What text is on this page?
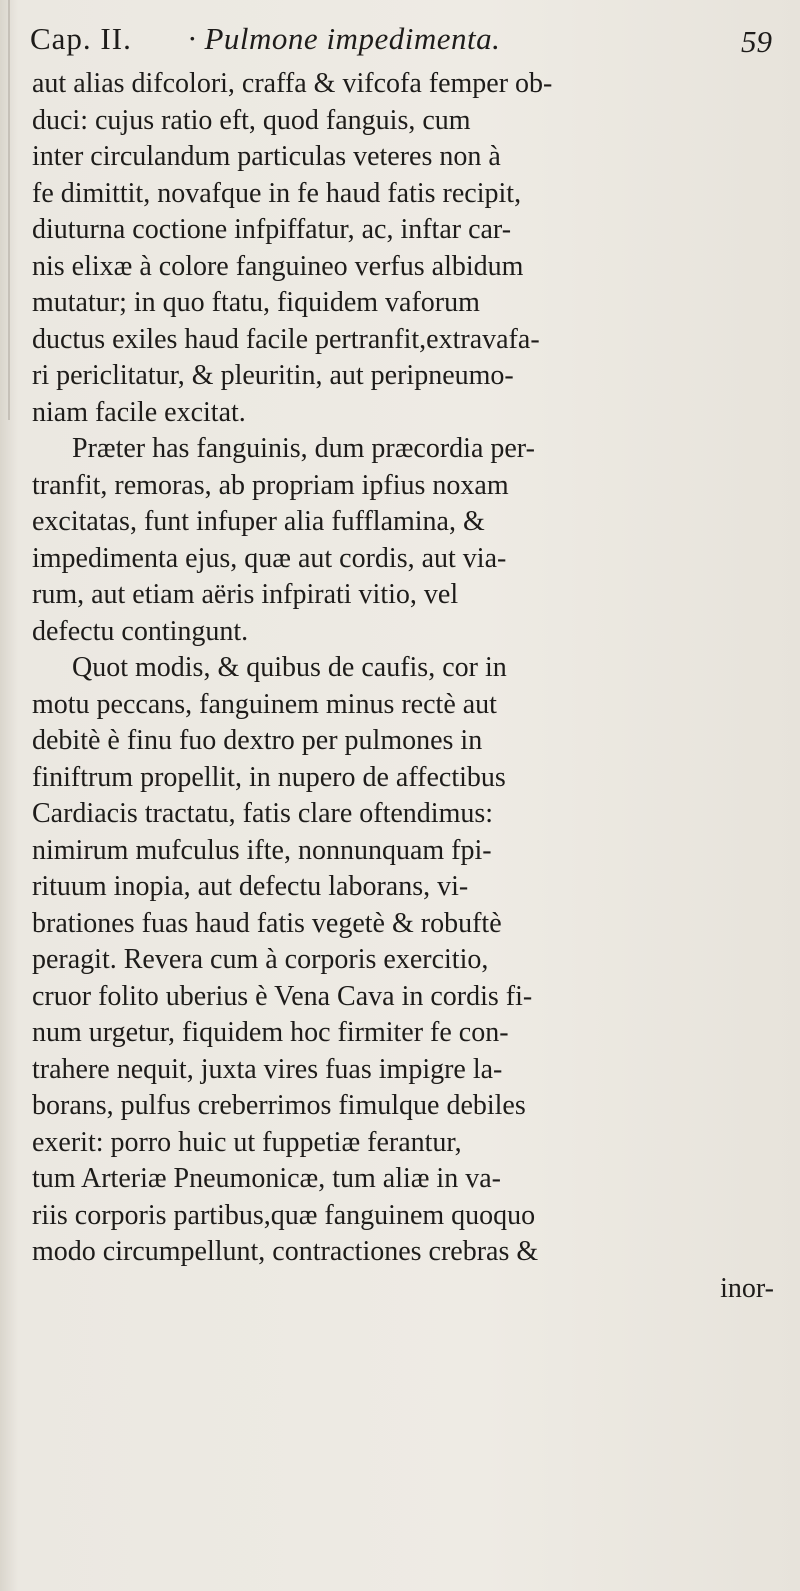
Cap. II. · Pulmone impedimenta.	59
aut alias difcolori, craffa & vifcofa femper ob-
duci: cujus ratio eft, quod fanguis, cum
inter circulandum particulas veteres non à
fe dimittit, novafque in fe haud fatis recipit,
diuturna coctione infpiffatur, ac, inftar car-
nis elixæ à colore fanguineo verfus albidum
mutatur; in quo ftatu, fiquidem vaforum
ductus exiles haud facile pertranfit,extravafa-
ri periclitatur, & pleuritin, aut peripneumo-
niam facile excitat.
Præter has fanguinis, dum præcordia per-
tranfit, remoras, ab propriam ipfius noxam
excitatas, funt infuper alia fufflamina, &
impedimenta ejus, quæ aut cordis, aut via-
rum, aut etiam aëris infpirati vitio, vel
defectu contingunt.
Quot modis, & quibus de caufis, cor in
motu peccans, fanguinem minus rectè aut
debitè è finu fuo dextro per pulmones in
finiftrum propellit, in nupero de affectibus
Cardiacis tractatu, fatis clare oftendimus:
nimirum mufculus ifte, nonnunquam fpi-
rituum inopia, aut defectu laborans, vi-
brationes fuas haud fatis vegetè & robuftè
peragit. Revera cum à corporis exercitio,
cruor folito uberius è Vena Cava in cordis fi-
num urgetur, fiquidem hoc firmiter fe con-
trahere nequit, juxta vires fuas impigre la-
borans, pulfus creberrimos fimulque debiles
exerit: porro huic ut fuppetiæ ferantur,
tum Arteriæ Pneumonicæ, tum aliæ in va-
riis corporis partibus,quæ fanguinem quoquo
modo circumpellunt, contractiones crebras &
inor-
